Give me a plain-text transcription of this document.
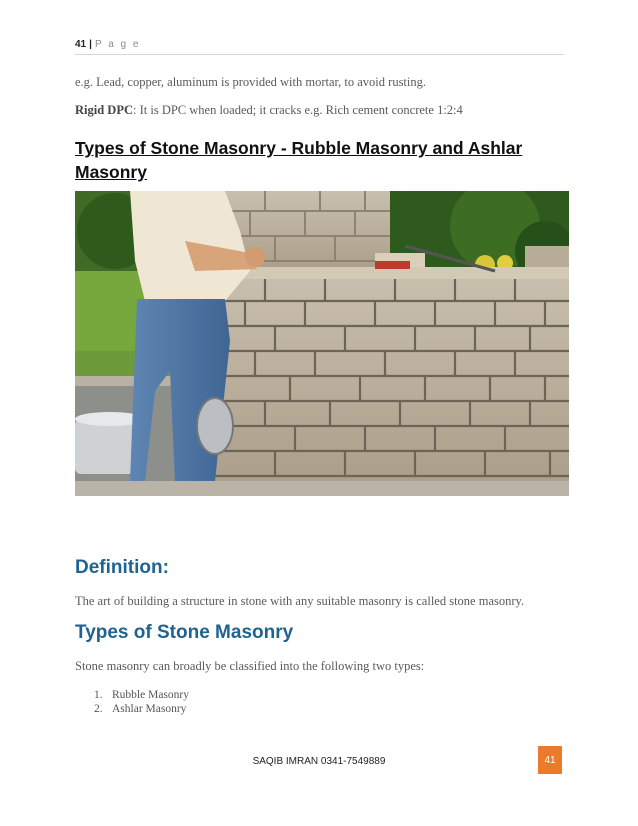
41 | P a g e
e.g. Lead, copper, aluminum is provided with mortar, to avoid rusting.
Rigid DPC: It is DPC when loaded; it cracks e.g. Rich cement concrete 1:2:4
Types of Stone Masonry - Rubble Masonry and Ashlar Masonry
Definition:
The art of building a structure in stone with any suitable masonry is called stone masonry.
Types of Stone Masonry
Stone masonry can broadly be classified into the following two types:
1. Rubble Masonry
2. Ashlar Masonry
SAQIB IMRAN 0341-7549889	41
